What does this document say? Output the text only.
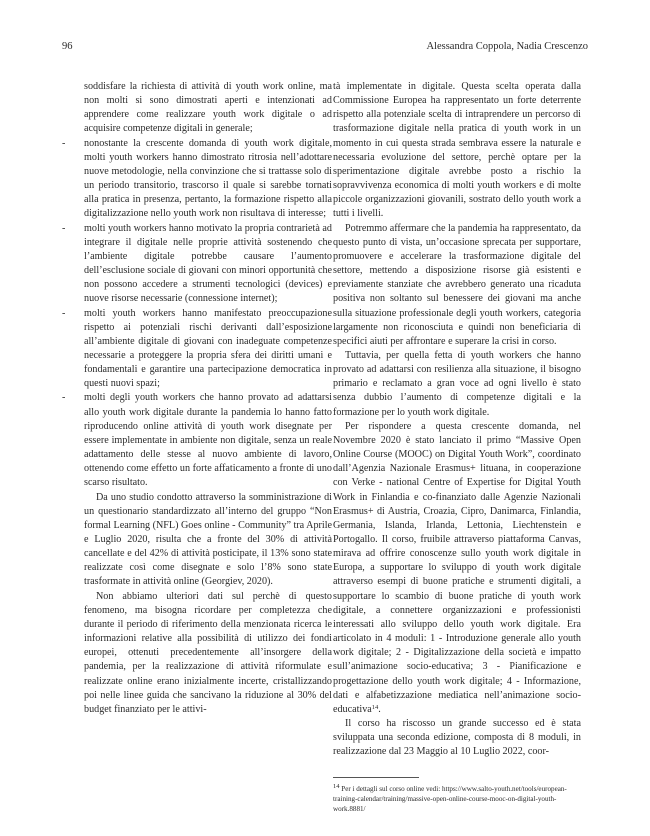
96	Alessandra Coppola, Nadia Crescenzo

soddisfare la richiesta di attività di youth work online, ma non molti si sono dimostrati aperti e intenzionati ad apprendere come realizzare youth work digitale o ad acquisire competenze digitali in generale;

- nonostante la crescente domanda di youth work digitale, molti youth workers hanno dimostrato ritrosia nell’adottare nuove metodologie, nella convinzione che si trattasse solo di un periodo transitorio, trascorso il quale si sarebbe tornati alla pratica in presenza, pertanto, la formazione rispetto alla digitalizzazione nello youth work non risultava di interesse;

- molti youth workers hanno motivato la propria contrarietà ad integrare il digitale nelle proprie attività sostenendo che l’ambiente digitale potrebbe causare l’aumento dell’esclusione sociale di giovani con minori opportunità che non possono accedere a strumenti tecnologici (devices) e nuove risorse necessarie (connessione internet);

- molti youth workers hanno manifestato preoccupazione rispetto ai potenziali rischi derivanti dall’esposizione all’ambiente digitale di giovani con inadeguate competenze necessarie a proteggere la propria sfera dei diritti umani e fondamentali e garantire una partecipazione democratica in questi nuovi spazi;

- molti degli youth workers che hanno provato ad adattarsi allo youth work digitale durante la pandemia lo hanno fatto riproducendo online attività di youth work disegnate per essere implementate in ambiente non digitale, senza un reale adattamento delle stesse al nuovo ambiente di lavoro, ottenendo come effetto un forte affaticamento a fronte di uno scarso risultato.

Da uno studio condotto attraverso la somministrazione di un questionario standardizzato all’interno del gruppo “Non formal Learning (NFL) Goes online - Community” tra Aprile e Luglio 2020, risulta che a fronte del 30% di attività cancellate e del 42% di attività posticipate, il 13% sono state realizzate così come disegnate e solo l’8% sono state trasformate in attività online (Georgiev, 2020).

Non abbiamo ulteriori dati sul perchè di questo fenomeno, ma bisogna ricordare per completezza che durante il periodo di riferimento della menzionata ricerca le informazioni relative alla possibilità di utilizzo dei fondi europei, ottenuti precedentemente all’insorgere della pandemia, per la realizzazione di attività riformulate e realizzate online erano inizialmente incerte, cristallizzando poi nelle linee guida che sancivano la riduzione al 30% del budget finanziato per le attivi-

tà implementate in digitale. Questa scelta operata dalla Commissione Europea ha rappresentato un forte deterrente rispetto alla potenziale scelta di intraprendere un percorso di trasformazione digitale nella pratica di youth work in un momento in cui questa strada sembrava essere la naturale e necessaria evoluzione del settore, perchè optare per la sperimentazione digitale avrebbe posto a rischio la sopravvivenza economica di molti youth workers e di molte piccole organizzazioni giovanili, sostrato dello youth work a tutti i livelli.

Potremmo affermare che la pandemia ha rappresentato, da questo punto di vista, un’occasione sprecata per supportare, promuovere e accelerare la trasformazione digitale del settore, mettendo a disposizione risorse già esistenti e previamente stanziate che avrebbero generato una ricaduta positiva non soltanto sul benessere dei giovani ma anche sulla situazione professionale degli youth workers, categoria largamente non riconosciuta e quindi non beneficiaria di specifici aiuti per affrontare e superare la crisi in corso.

Tuttavia, per quella fetta di youth workers che hanno provato ad adattarsi con resilienza alla situazione, il bisogno primario e reclamato a gran voce ad ogni livello è stato senza dubbio l’aumento di competenze digitali e la formazione per lo youth work digitale.

Per rispondere a questa crescente domanda, nel Novembre 2020 è stato lanciato il primo “Massive Open Online Course (MOOC) on Digital Youth Work”, coordinato dall’Agenzia Nazionale Erasmus+ lituana, in cooperazione con Verke - national Centre of Expertise for Digital Youth Work in Finlandia e co-finanziato dalle Agenzie Nazionali Erasmus+ di Austria, Croazia, Cipro, Danimarca, Finlandia, Germania, Islanda, Irlanda, Lettonia, Liechtenstein e Portogallo. Il corso, fruibile attraverso piattaforma Canvas, mirava ad offrire conoscenze sullo youth work digitale in Europa, a supportare lo sviluppo di youth work digitale attraverso esempi di buone pratiche e strumenti digitali, a supportare lo scambio di buone pratiche di youth work digitale, a connettere organizzazioni e professionisti interessati allo sviluppo dello youth work digitale. Era articolato in 4 moduli: 1 - Introduzione generale allo youth work digitale; 2 - Digitalizzazione della società e impatto sull’animazione socio-educativa; 3 - Pianificazione e progettazione dello youth work digitale; 4 - Informazione, dati e alfabetizzazione mediatica nell’animazione socio-educativa$^{14}$.

Il corso ha riscosso un grande successo ed è stata sviluppata una seconda edizione, composta di 8 moduli, in realizzazione dal 23 Maggio al 10 Luglio 2022, coor-

$^{14}$ Per i dettagli sul corso online vedi: https://www.salto-youth.net/tools/european-training-calendar/training/massive-open-online-course-mooc-on-digital-youth-work.8881/
